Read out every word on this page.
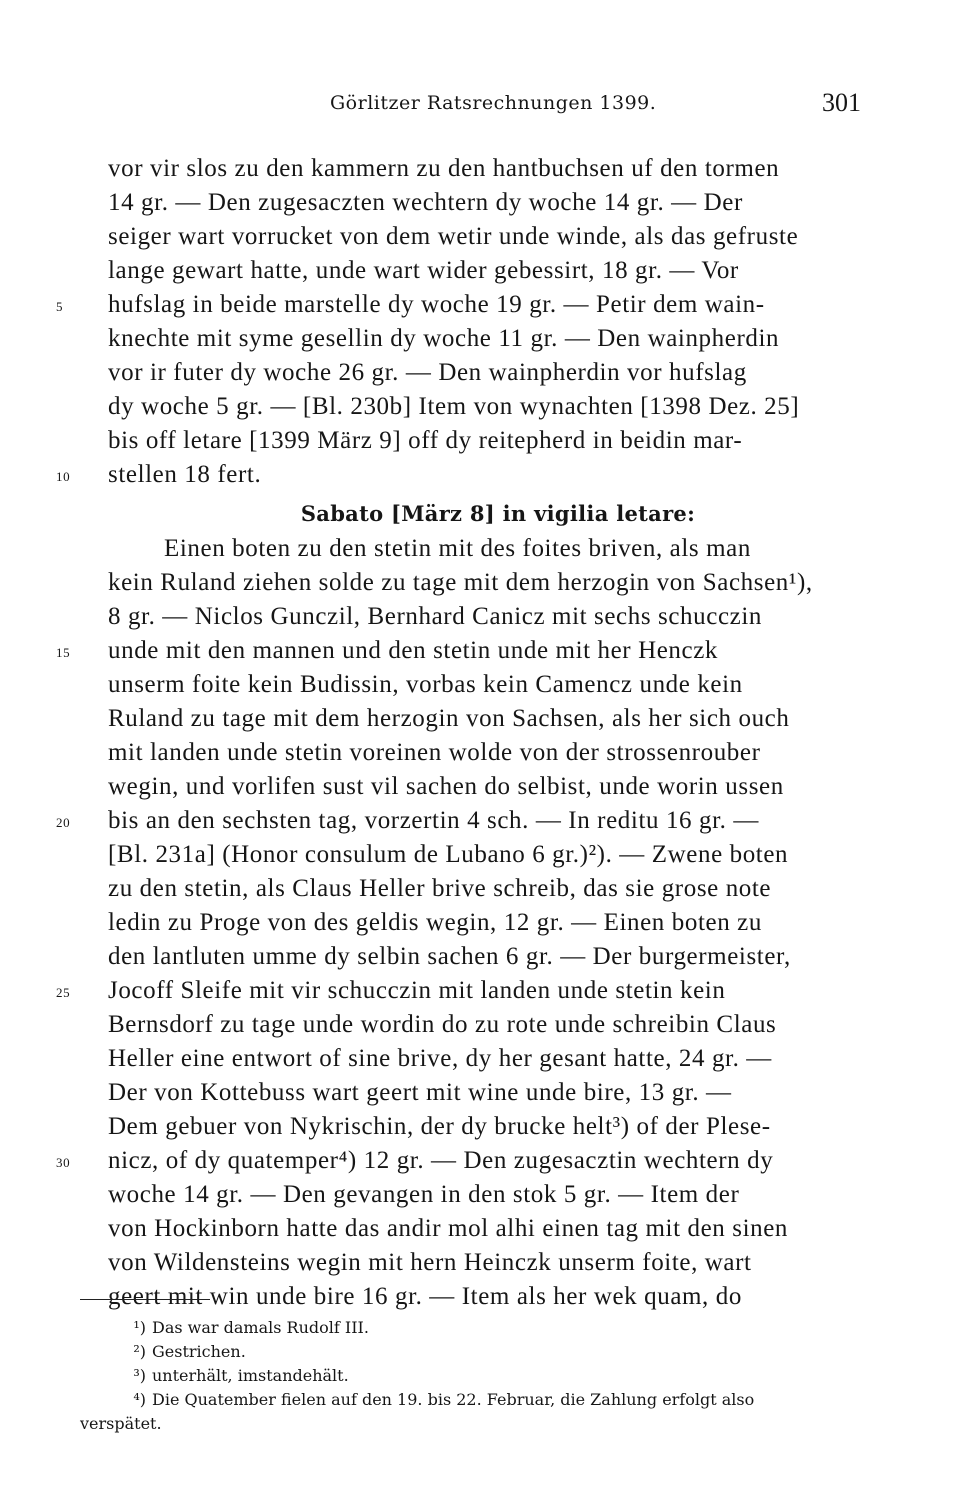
Görlitzer Ratsrechnungen 1399.	301
vor vir slos zu den kammern zu den hantbuchsen uf den tormen
14 gr. — Den zugesaczten wechtern dy woche 14 gr. — Der
seiger wart vorrucket von dem wetir unde winde, als das gefruste
lange gewart hatte, unde wart wider gebessirt, 18 gr. — Vor
hufslag in beide marstelle dy woche 19 gr. — Petir dem wain-
5
knechte mit syme gesellin dy woche 11 gr. — Den wainpherdin
vor ir futer dy woche 26 gr. — Den wainpherdin vor hufslag
dy woche 5 gr. — [Bl. 230b] Item von wynachten [1398 Dez. 25]
bis off letare [1399 März 9] off dy reitepherd in beidin mar-
stellen 18 fert.
10
Sabato [März 8] in vigilia letare:
Einen boten zu den stetin mit des foites briven, als man
kein Ruland ziehen solde zu tage mit dem herzogin von Sachsen¹),
8 gr. — Niclos Gunczil, Bernhard Canicz mit sechs schucczin
unde mit den mannen und den stetin unde mit her Henczk
15
unserm foite kein Budissin, vorbas kein Camencz unde kein
Ruland zu tage mit dem herzogin von Sachsen, als her sich ouch
mit landen unde stetin voreinen wolde von der strossenrouber
wegin, und vorlifen sust vil sachen do selbist, unde worin ussen
bis an den sechsten tag, vorzertin 4 sch. — In reditu 16 gr. —
20
[Bl. 231a] (Honor consulum de Lubano 6 gr.)²). — Zwene boten
zu den stetin, als Claus Heller brive schreib, das sie grose note
ledin zu Proge von des geldis wegin, 12 gr. — Einen boten zu
den lantluten umme dy selbin sachen 6 gr. — Der burgermeister,
Jocoff Sleife mit vir schucczin mit landen unde stetin kein
25
Bernsdorf zu tage unde wordin do zu rote unde schreibin Claus
Heller eine entwort of sine brive, dy her gesant hatte, 24 gr. —
Der von Kottebuss wart geert mit wine unde bire, 13 gr. —
Dem gebuer von Nykrischin, der dy brucke helt³) of der Plese-
nicz, of dy quatemper⁴) 12 gr. — Den zugesacztin wechtern dy
30
woche 14 gr. — Den gevangen in den stok 5 gr. — Item der
von Hockinborn hatte das andir mol alhi einen tag mit den sinen
von Wildensteins wegin mit hern Heinczk unserm foite, wart
geert mit win unde bire 16 gr. — Item als her wek quam, do
¹) Das war damals Rudolf III.
²) Gestrichen.
³) unterhält, imstandehält.
⁴) Die Quatember fielen auf den 19. bis 22. Februar, die Zahlung erfolgt also
verspätet.
